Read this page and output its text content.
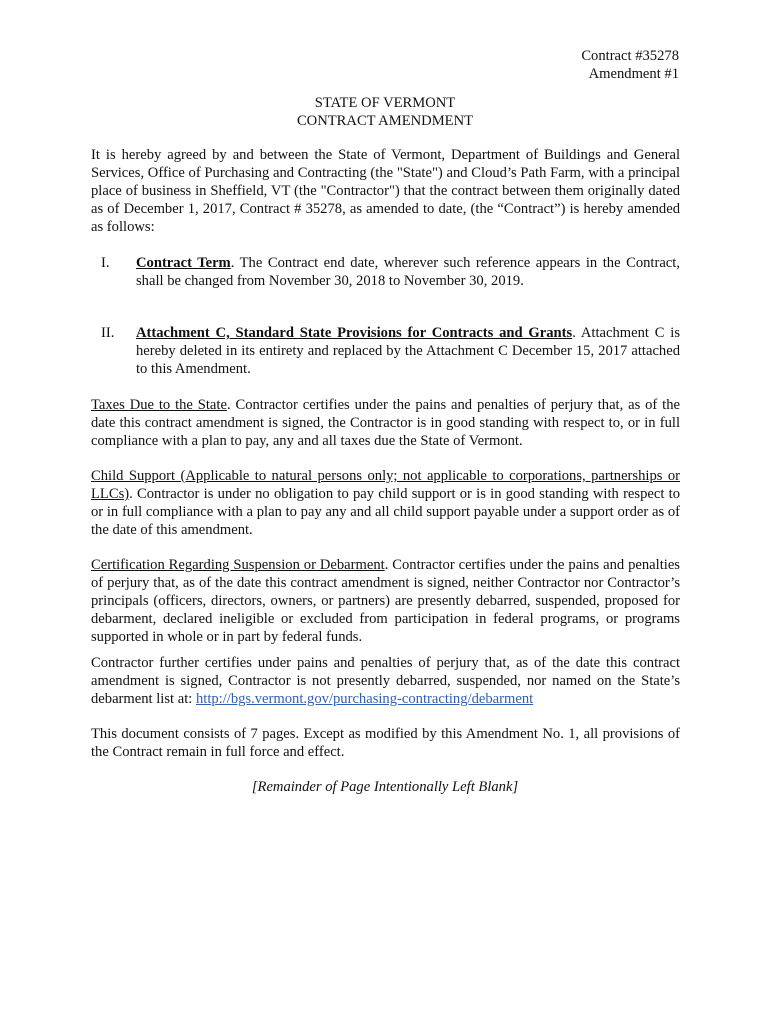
Contract #35278
Amendment #1
STATE OF VERMONT
CONTRACT AMENDMENT

It is hereby agreed by and between the State of Vermont, Department of Buildings and General Services, Office of Purchasing and Contracting (the "State") and Cloud’s Path Farm, with a principal place of business in Sheffield, VT (the "Contractor") that the contract between them originally dated as of December 1, 2017, Contract # 35278, as amended to date, (the “Contract”) is hereby amended as follows:

I. Contract Term. The Contract end date, wherever such reference appears in the Contract, shall be changed from November 30, 2018 to November 30, 2019.
II. Attachment C, Standard State Provisions for Contracts and Grants. Attachment C is hereby deleted in its entirety and replaced by the Attachment C December 15, 2017 attached to this Amendment.

Taxes Due to the State. Contractor certifies under the pains and penalties of perjury that, as of the date this contract amendment is signed, the Contractor is in good standing with respect to, or in full compliance with a plan to pay, any and all taxes due the State of Vermont.

Child Support (Applicable to natural persons only; not applicable to corporations, partnerships or LLCs). Contractor is under no obligation to pay child support or is in good standing with respect to or in full compliance with a plan to pay any and all child support payable under a support order as of the date of this amendment.

Certification Regarding Suspension or Debarment. Contractor certifies under the pains and penalties of perjury that, as of the date this contract amendment is signed, neither Contractor nor Contractor’s principals (officers, directors, owners, or partners) are presently debarred, suspended, proposed for debarment, declared ineligible or excluded from participation in federal programs, or programs supported in whole or in part by federal funds.

Contractor further certifies under pains and penalties of perjury that, as of the date this contract amendment is signed, Contractor is not presently debarred, suspended, nor named on the State’s debarment list at: http://bgs.vermont.gov/purchasing-contracting/debarment

This document consists of 7 pages. Except as modified by this Amendment No. 1, all provisions of the Contract remain in full force and effect.

[Remainder of Page Intentionally Left Blank]
